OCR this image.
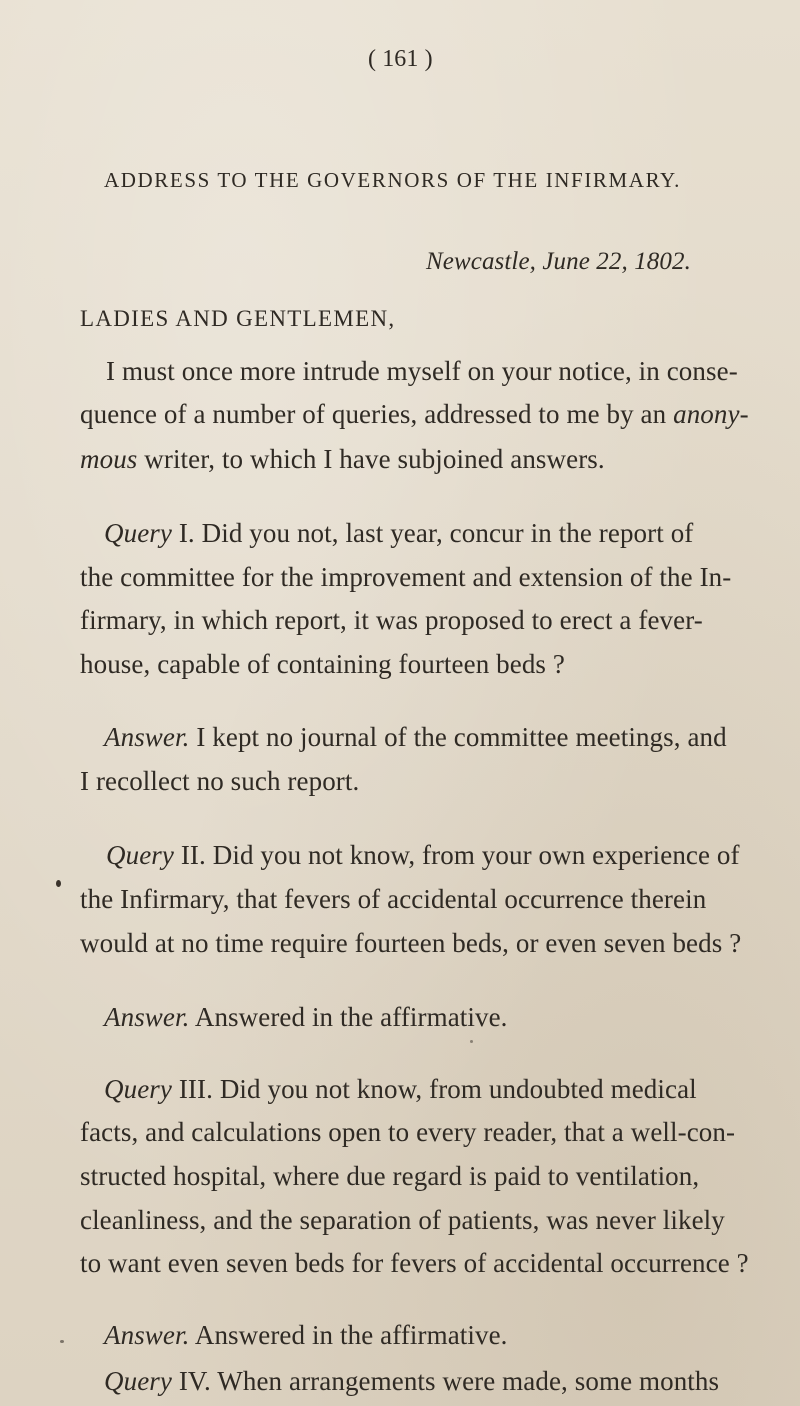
( 161 )
ADDRESS TO THE GOVERNORS OF THE INFIRMARY.
Newcastle, June 22, 1802.
LADIES AND GENTLEMEN,
I must once more intrude myself on your notice, in conse-
quence of a number of queries, addressed to me by an anony-
mous writer, to which I have subjoined answers.
Query I. Did you not, last year, concur in the report of
the committee for the improvement and extension of the In-
firmary, in which report, it was proposed to erect a fever-
house, capable of containing fourteen beds ?
Answer. I kept no journal of the committee meetings, and
I recollect no such report.
Query II. Did you not know, from your own experience of
the Infirmary, that fevers of accidental occurrence therein
would at no time require fourteen beds, or even seven beds ?
Answer. Answered in the affirmative.
Query III. Did you not know, from undoubted medical
facts, and calculations open to every reader, that a well-con-
structed hospital, where due regard is paid to ventilation,
cleanliness, and the separation of patients, was never likely
to want even seven beds for fevers of accidental occurrence ?
Answer. Answered in the affirmative.
Query IV. When arrangements were made, some months
